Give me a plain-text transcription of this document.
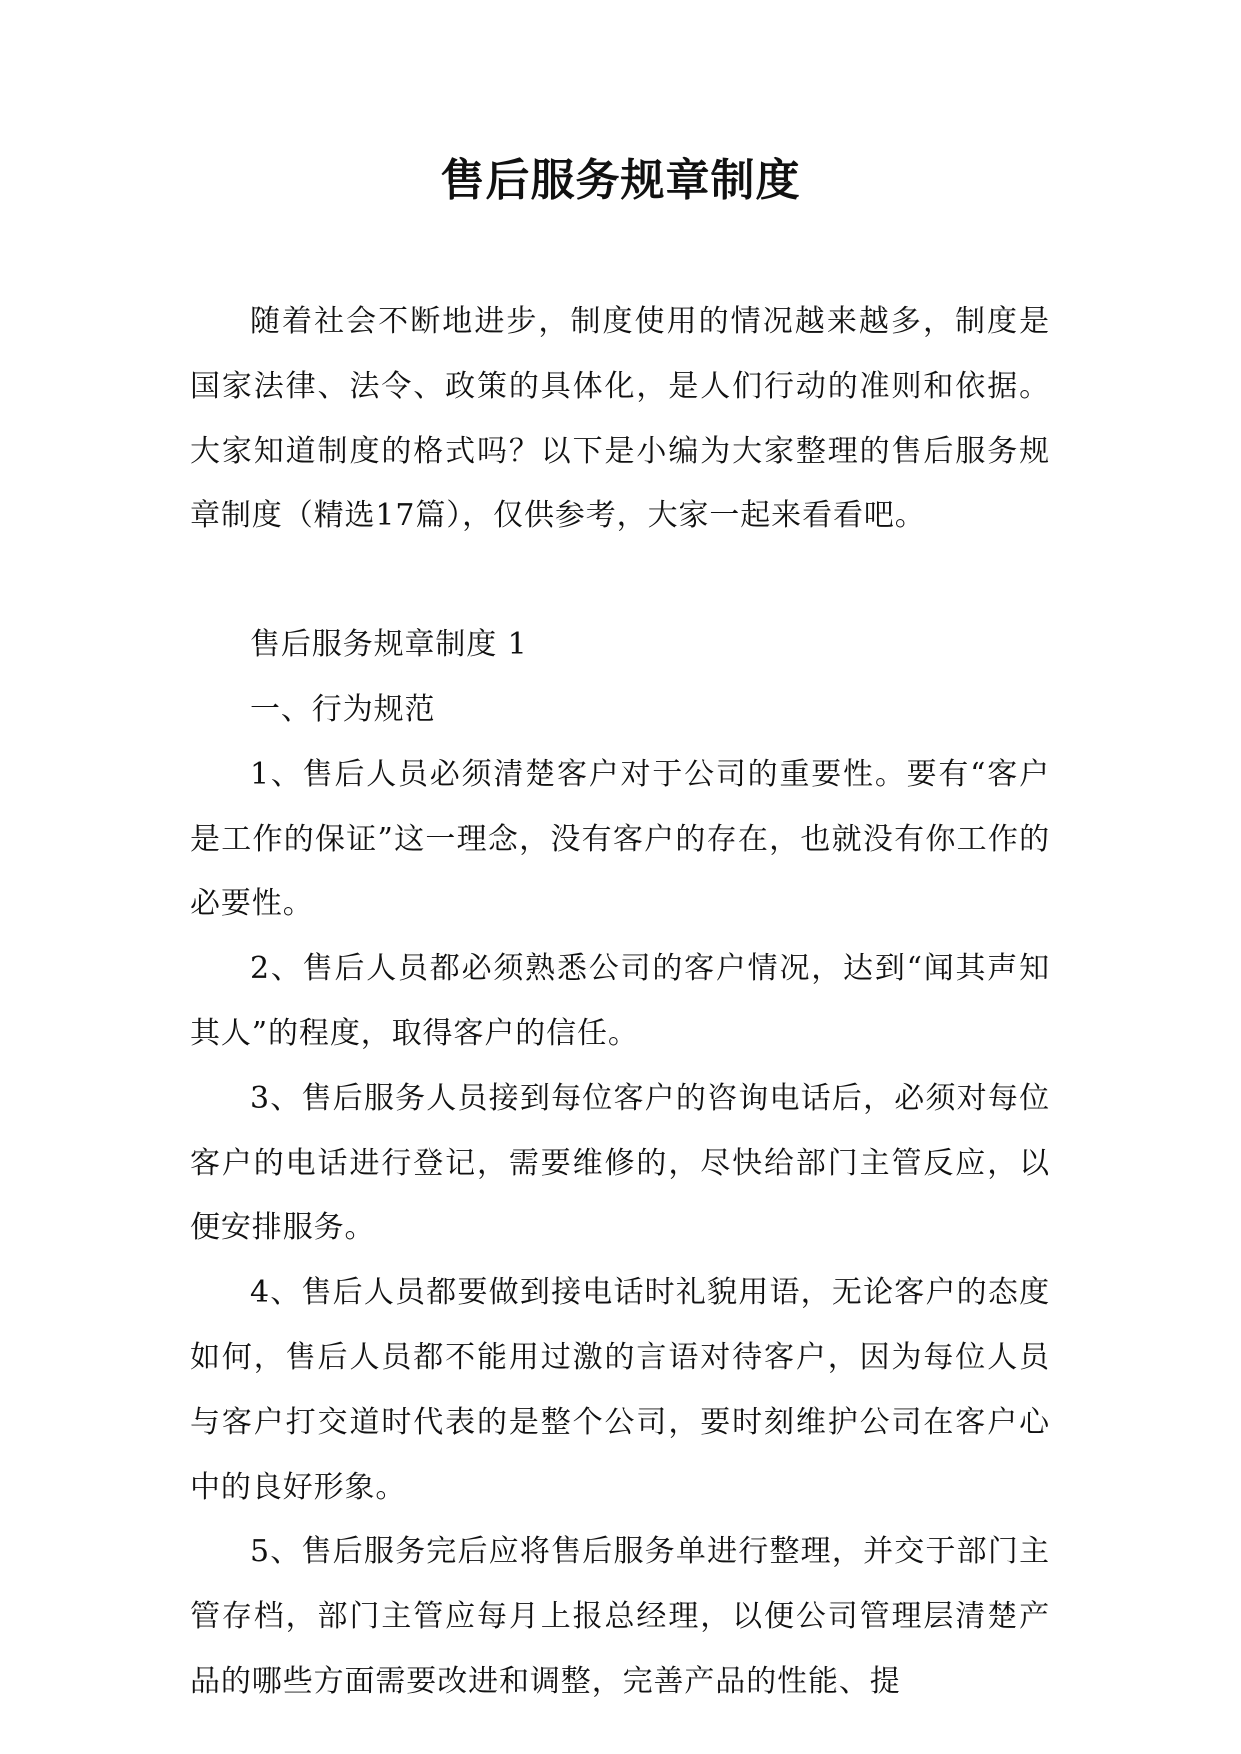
售后服务规章制度

随着社会不断地进步，制度使用的情况越来越多，制度是国家法律、法令、政策的具体化，是人们行动的准则和依据。大家知道制度的格式吗？以下是小编为大家整理的售后服务规章制度（精选17篇），仅供参考，大家一起来看看吧。

售后服务规章制度 1

一、行为规范

1、售后人员必须清楚客户对于公司的重要性。要有“客户是工作的保证”这一理念，没有客户的存在，也就没有你工作的必要性。

2、售后人员都必须熟悉公司的客户情况，达到“闻其声知其人”的程度，取得客户的信任。

3、售后服务人员接到每位客户的咨询电话后，必须对每位客户的电话进行登记，需要维修的，尽快给部门主管反应，以便安排服务。

4、售后人员都要做到接电话时礼貌用语，无论客户的态度如何，售后人员都不能用过激的言语对待客户，因为每位人员与客户打交道时代表的是整个公司，要时刻维护公司在客户心中的良好形象。

5、售后服务完后应将售后服务单进行整理，并交于部门主管存档，部门主管应每月上报总经理，以便公司管理层清楚产品的哪些方面需要改进和调整，完善产品的性能、提
